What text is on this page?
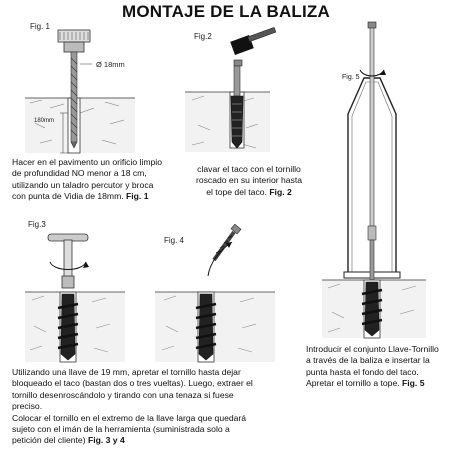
MONTAJE DE LA BALIZA
Fig. 1
Ø 18mm
180mm
Fig.2
Fig.3
Fig. 4
Fig. 5
Hacer en el pavimento un orificio limpio
de profundidad NO menor a 18 cm,
utilizando un taladro percutor y broca
con punta de Vidia de 18mm. Fig. 1
clavar el taco con el tornillo
roscado en su interior hasta
el tope del taco. Fig. 2
Utilizando una llave de 19 mm, apretar el tornillo hasta dejar
bloqueado el taco (bastan dos o tres vueltas). Luego, extraer el
tornillo desenroscándolo y tirando con una tenaza si fuese
preciso.
Colocar el tornillo en el extremo de la llave larga que quedará
sujeto con el imán de la herramienta (suministrada solo a
petición del cliente) Fig. 3 y 4
Introducir el conjunto Llave-Tornillo
a través de la baliza e insertar la
punta hasta el fondo del taco.
Apretar el tornillo a tope. Fig. 5
